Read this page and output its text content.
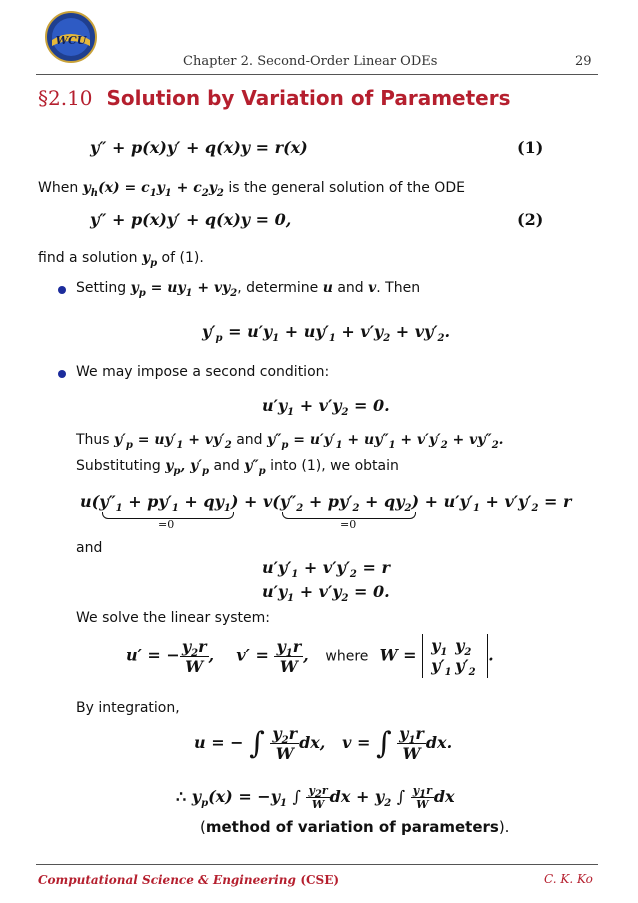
WCU
Chapter 2. Second-Order Linear ODEs	29
§2.10 Solution by Variation of Parameters
y″ + p(x)y′ + q(x)y = r(x)	(1)
When $y_h(x) = c_1y_1 + c_2y_2$ is the general solution of the ODE
y″ + p(x)y′ + q(x)y = 0,	(2)
find a solution $y_p$ of (1).
Setting $y_p = uy_1 + vy_2$, determine u and v. Then
$y'_p = u'y_1 + uy'_1 + v'y_2 + vy'_2$.
We may impose a second condition:
$u'y_1 + v'y_2 = 0$.
Thus $y'_p = uy'_1 + vy'_2$ and $y''_p = u'y'_1 + uy''_1 + v'y'_2 + vy''_2$.
Substituting $y_p$, $y'_p$ and $y''_p$ into (1), we obtain
$u(y''_1 + py'_1 + qy_1) + v(y''_2 + py'_2 + qy_2) + u'y'_1 + v'y'_2 = r$
=0	=0
and
$u'y'_1 + v'y'_2 = r$
$u'y_1 + v'y_2 = 0$.
We solve the linear system:
u′ = − $\frac{y_2r}{W}$ ,    $v' = \frac{y_1r}{W}$ ,   where  $W = y_1$ $y_2$
$y'_1$ $y'_2$
.
By integration,
u = − ∫ $\frac{y_2r}{W}$ dx,   v = ∫ $\frac{y_1r}{W}$ dx.
∴ $y_p(x) = -y_1$ ∫ $\frac{y_2r}{W}$ dx + $y_2$ ∫ $\frac{y_1r}{W}$ dx
(method of variation of parameters).
Computational Science & Engineering (CSE)	C. K. Ko
